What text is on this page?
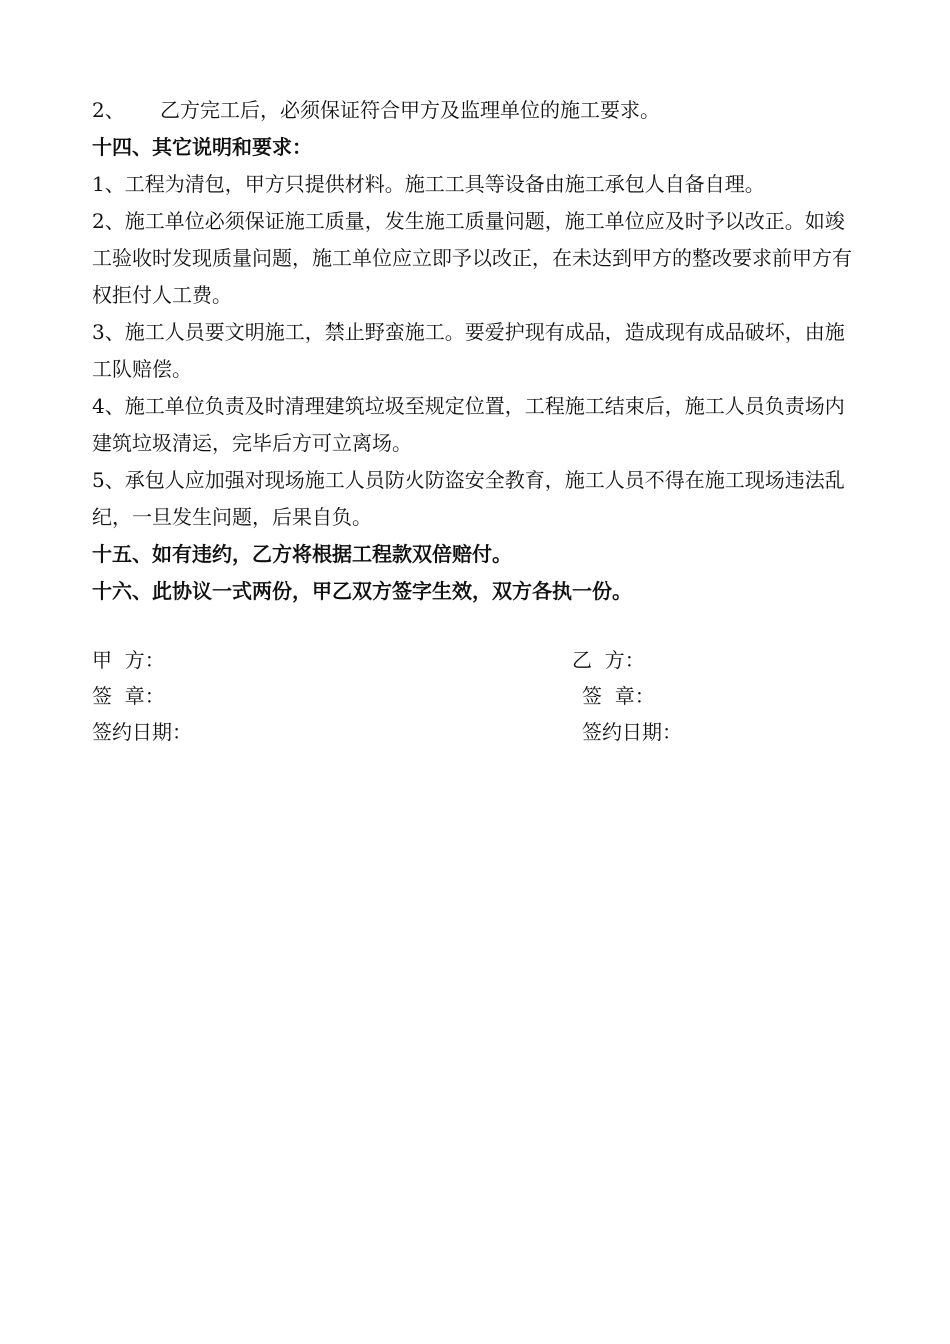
2、 乙方完工后，必须保证符合甲方及监理单位的施工要求。

十四、其它说明和要求：

1、工程为清包，甲方只提供材料。施工工具等设备由施工承包人自备自理。

2、施工单位必须保证施工质量，发生施工质量问题，施工单位应及时予以改正。如竣工验收时发现质量问题，施工单位应立即予以改正，在未达到甲方的整改要求前甲方有权拒付人工费。

3、施工人员要文明施工，禁止野蛮施工。要爱护现有成品，造成现有成品破坏，由施工队赔偿。

4、施工单位负责及时清理建筑垃圾至规定位置，工程施工结束后，施工人员负责场内建筑垃圾清运，完毕后方可立离场。

5、承包人应加强对现场施工人员防火防盗安全教育，施工人员不得在施工现场违法乱纪，一旦发生问题，后果自负。

十五、如有违约，乙方将根据工程款双倍赔付。

十六、此协议一式两份，甲乙双方签字生效，双方各执一份。

甲  方：
签  章：
签约日期：
乙  方：
签  章：
签约日期：
